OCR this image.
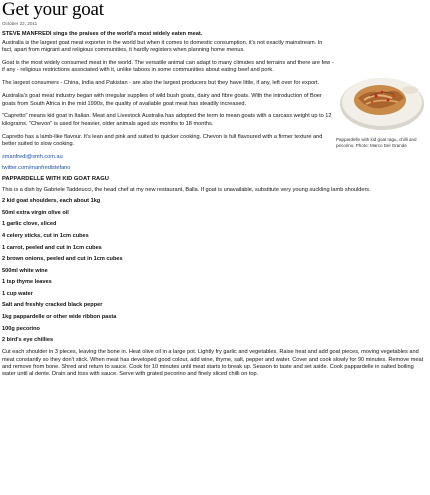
Get your goat
October 22, 2011
STEVE MANFREDI sings the praises of the world's most widely eaten meat.

Australia is the largest goat meat exporter in the world but when it comes to domestic consumption, it's not exactly mainstream. In fact, apart from migrant and religious communities, it hardly registers when planning home menus.

Goat is the most widely consumed meat in the world. The versatile animal can adapt to many climates and terrains and there are few - if any - religious restrictions associated with it, unlike taboos in some communities about eating beef and pork.

The largest consumers - China, India and Pakistan - are also the largest producers but they have little, if any, left over for export.

Australia's goat meat industry began with irregular supplies of wild bush goats, dairy and fibre goats. With the introduction of Boer goats from South Africa in the mid 1990s, the quality of available goat meat has steadily increased.

"Capretto" means kid goat in Italian. Meat and Livestock Australia has adopted the term to mean goats with a carcass weight up to 12 kilograms. "Chevon" is used for heavier, older animals aged six months to 18 months.

Capretto has a lamb-like flavour. It's lean and pink and suited to quicker cooking. Chevon is full flavoured with a firmer texture and better suited to slow cooking.

smanfredi@smh.com.au
twitter.com/manfredistefano
Pappardelle with kid goat ragu, chilli and pecorino. Photo: Marco Del Grande
PAPPARDELLE WITH KID GOAT RAGU

This is a dish by Gabriele Taddeucci, the head chef at my new restaurant, Balla. If goat is unavailable, substitute very young suckling lamb shoulders.

2 kid goat shoulders, each about 1kg
50ml extra virgin olive oil
1 garlic clove, sliced
4 celery sticks, cut in 1cm cubes
1 carrot, peeled and cut in 1cm cubes
2 brown onions, peeled and cut in 1cm cubes
500ml white wine
1 tsp thyme leaves
1 cup water
Salt and freshly cracked black pepper
1kg pappardelle or other wide ribbon pasta
100g pecorino
2 bird's eye chillies

Cut each shoulder in 3 pieces, leaving the bone in. Heat olive oil in a large pot. Lightly fry garlic and vegetables. Raise heat and add goat pieces, moving vegetables and meat constantly so they don't stick. When meat has developed good colour, add wine, thyme, salt, pepper and water. Cover and cook slowly for 90 minutes. Remove meat and remove from bone. Shred and return to sauce. Cook for 10 minutes until meat starts to break up. Season to taste and set aside. Cook pappardelle in salted boiling water until al dente. Drain and toss with sauce. Serve with grated pecorino and finely sliced chilli on top.
